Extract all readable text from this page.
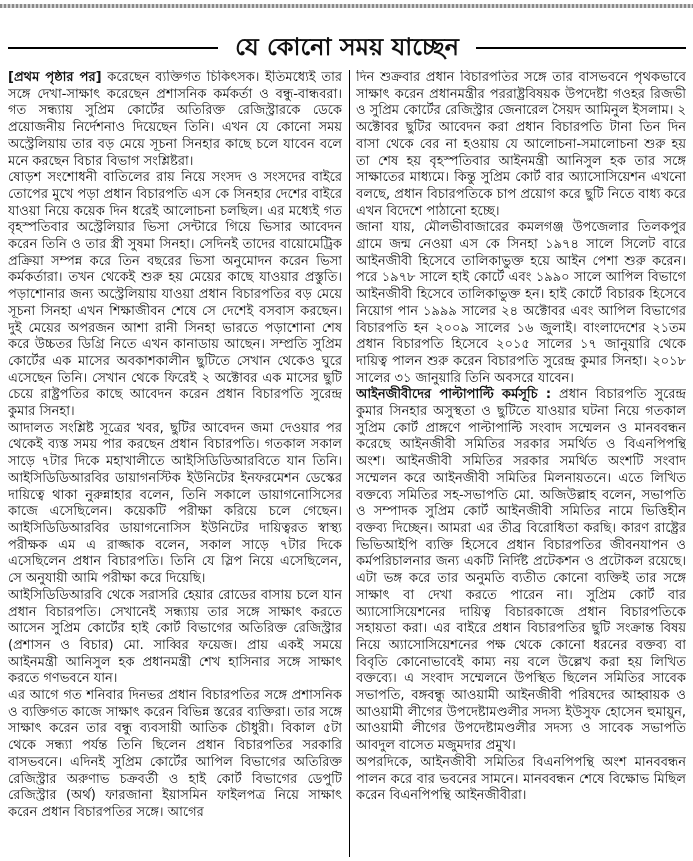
যে কোনো সময় যাচ্ছেন

[প্রথম পৃষ্ঠার পর] করেছেন ব্যক্তিগত চিকিৎসক। ইতিমধ্যেই তার সঙ্গে দেখা-সাক্ষাৎ করেছেন প্রশাসনিক কর্মকর্তা ও বন্ধু-বান্ধবরা। গত সন্ধ্যায় সুপ্রিম কোর্টের অতিরিক্ত রেজিস্ট্রারকে ডেকে প্রয়োজনীয় নির্দেশনাও দিয়েছেন তিনি। এখন যে কোনো সময় অস্ট্রেলিয়ায় তার বড় মেয়ে সূচনা সিনহার কাছে চলে যাবেন বলে মনে করছেন বিচার বিভাগ সংশ্লিষ্টরা।

ষোড়শ সংশোধনী বাতিলের রায় নিয়ে সংসদ ও সংসদের বাইরে তোপের মুখে পড়া প্রধান বিচারপতি এস কে সিনহার দেশের বাইরে যাওয়া নিয়ে কয়েক দিন ধরেই আলোচনা চলছিল। এর মধ্যেই গত বৃহস্পতিবার অস্ট্রেলিয়ার ভিসা সেন্টারে গিয়ে ভিসার আবেদন করেন তিনি ও তার স্ত্রী সুষমা সিনহা। সেদিনই তাদের বায়োমেট্রিক প্রক্রিয়া সম্পন্ন করে তিন বছরের ভিসা অনুমোদন করেন ভিসা কর্মকর্তারা। তখন থেকেই শুরু হয় মেয়ের কাছে যাওয়ার প্রস্তুতি। পড়াশোনার জন্য অস্ট্রেলিয়ায় যাওয়া প্রধান বিচারপতির বড় মেয়ে সূচনা সিনহা এখন শিক্ষাজীবন শেষে সে দেশেই বসবাস করছেন। দুই মেয়ের অপরজন আশা রানী সিনহা ভারতে পড়াশোনা শেষ করে উচ্চতর ডিগ্রি নিতে এখন কানাডায় আছেন। সম্প্রতি সুপ্রিম কোর্টের এক মাসের অবকাশকালীন ছুটিতে সেখান থেকেও ঘুরে এসেছেন তিনি। সেখান থেকে ফিরেই ২ অক্টোবর এক মাসের ছুটি চেয়ে রাষ্ট্রপতির কাছে আবেদন করেন প্রধান বিচারপতি সুরেন্দ্র কুমার সিনহা।

আদালত সংশ্লিষ্ট সূত্রের খবর, ছুটির আবেদন জমা দেওয়ার পর থেকেই ব্যস্ত সময় পার করছেন প্রধান বিচারপতি। গতকাল সকাল সাড়ে ৭টার দিকে মহাখালীতে আইসিডিডিআরবিতে যান তিনি। আইসিডিডিআরবির ডায়াগনস্টিক ইউনিটের ইনফরমেশন ডেস্কের দায়িত্বে থাকা নুরুন্নাহার বলেন, তিনি সকালে ডায়াগনোসিসের কাজে এসেছিলেন। কয়েকটি পরীক্ষা করিয়ে চলে গেছেন। আইসিডিডিআরবির ডায়াগনোসিস ইউনিটের দায়িত্বরত স্বাস্থ্য পরীক্ষক এম এ রাজ্জাক বলেন, সকাল সাড়ে ৭টার দিকে এসেছিলেন প্রধান বিচারপতি। তিনি যে স্লিপ নিয়ে এসেছিলেন, সে অনুযায়ী আমি পরীক্ষা করে দিয়েছি।

আইসিডিডিআরবি থেকে সরাসরি হেয়ার রোডের বাসায় চলে যান প্রধান বিচারপতি। সেখানেই সন্ধ্যায় তার সঙ্গে সাক্ষাৎ করতে আসেন সুপ্রিম কোর্টের হাই কোর্ট বিভাগের অতিরিক্ত রেজিস্ট্রার (প্রশাসন ও বিচার) মো. সাব্বির ফয়েজ। প্রায় একই সময়ে আইনমন্ত্রী আনিসুল হক প্রধানমন্ত্রী শেখ হাসিনার সঙ্গে সাক্ষাৎ করতে গণভবনে যান।

এর আগে গত শনিবার দিনভর প্রধান বিচারপতির সঙ্গে প্রশাসনিক ও ব্যক্তিগত কাজে সাক্ষাৎ করেন বিভিন্ন স্তরের ব্যক্তিরা। তার সঙ্গে সাক্ষাৎ করেন তার বন্ধু ব্যবসায়ী আতিক চৌধুরী। বিকাল ৫টা থেকে সন্ধ্যা পর্যন্ত তিনি ছিলেন প্রধান বিচারপতির সরকারি বাসভবনে। এদিনই সুপ্রিম কোর্টের আপিল বিভাগের অতিরিক্ত রেজিস্ট্রার অরুণাভ চক্রবর্তী ও হাই কোর্ট বিভাগের ডেপুটি রেজিস্ট্রার (অর্থ) ফারজানা ইয়াসমিন ফাইলপত্র নিয়ে সাক্ষাৎ করেন প্রধান বিচারপতির সঙ্গে। আগের

দিন শুক্রবার প্রধান বিচারপতির সঙ্গে তার বাসভবনে পৃথকভাবে সাক্ষাৎ করেন প্রধানমন্ত্রীর পররাষ্ট্রবিষয়ক উপদেষ্টা গওহর রিজভী ও সুপ্রিম কোর্টের রেজিস্ট্রার জেনারেল সৈয়দ আমিনুল ইসলাম। ২ অক্টোবর ছুটির আবেদন করা প্রধান বিচারপতি টানা তিন দিন বাসা থেকে বের না হওয়ায় যে আলোচনা-সমালোচনা শুরু হয় তা শেষ হয় বৃহস্পতিবার আইনমন্ত্রী আনিসুল হক তার সঙ্গে সাক্ষাতের মাধ্যমে। কিন্তু সুপ্রিম কোর্ট বার অ্যাসোসিয়েশন এখনো বলছে, প্রধান বিচারপতিকে চাপ প্রয়োগ করে ছুটি নিতে বাধ্য করে এখন বিদেশে পাঠানো হচ্ছে।

জানা যায়, মৌলভীবাজারের কমলগঞ্জ উপজেলার তিলকপুর গ্রামে জন্ম নেওয়া এস কে সিনহা ১৯৭৪ সালে সিলেট বারে আইনজীবী হিসেবে তালিকাভুক্ত হয়ে আইন পেশা শুরু করেন। পরে ১৯৭৮ সালে হাই কোর্টে এবং ১৯৯০ সালে আপিল বিভাগে আইনজীবী হিসেবে তালিকাভুক্ত হন। হাই কোর্টে বিচারক হিসেবে নিয়োগ পান ১৯৯৯ সালের ২৪ অক্টোবর এবং আপিল বিভাগের বিচারপতি হন ২০০৯ সালের ১৬ জুলাই। বাংলাদেশের ২১তম প্রধান বিচারপতি হিসেবে ২০১৫ সালের ১৭ জানুয়ারি থেকে দায়িত্ব পালন শুরু করেন বিচারপতি সুরেন্দ্র কুমার সিনহা। ২০১৮ সালের ৩১ জানুয়ারি তিনি অবসরে যাবেন।

আইনজীবীদের পাল্টাপাল্টি কর্মসূচি : প্রধান বিচারপতি সুরেন্দ্র কুমার সিনহার অসুস্থতা ও ছুটিতে যাওয়ার ঘটনা নিয়ে গতকাল সুপ্রিম কোর্ট প্রাঙ্গণে পাল্টাপাল্টি সংবাদ সম্মেলন ও মানববন্ধন করেছে আইনজীবী সমিতির সরকার সমর্থিত ও বিএনপিপন্থি অংশ। আইনজীবী সমিতির সরকার সমর্থিত অংশটি সংবাদ সম্মেলন করে আইনজীবী সমিতির মিলনায়তনে। এতে লিখিত বক্তব্যে সমিতির সহ-সভাপতি মো. অজিউল্লাহ বলেন, সভাপতি ও সম্পাদক সুপ্রিম কোর্ট আইনজীবী সমিতির নামে ভিত্তিহীন বক্তব্য দিচ্ছেন। আমরা এর তীব্র বিরোধিতা করছি। কারণ রাষ্ট্রের ভিভিআইপি ব্যক্তি হিসেবে প্রধান বিচারপতির জীবনযাপন ও কর্মপরিচালনার জন্য একটি নির্দিষ্ট প্রটেকশন ও প্রটোকল রয়েছে। এটা ভঙ্গ করে তার অনুমতি ব্যতীত কোনো ব্যক্তিই তার সঙ্গে সাক্ষাৎ বা দেখা করতে পারেন না। সুপ্রিম কোর্ট বার অ্যাসোসিয়েশনের দায়িত্ব বিচারকাজে প্রধান বিচারপতিকে সহায়তা করা। এর বাইরে প্রধান বিচারপতির ছুটি সংক্রান্ত বিষয় নিয়ে অ্যাসোসিয়েশনের পক্ষ থেকে কোনো ধরনের বক্তব্য বা বিবৃতি কোনোভাবেই কাম্য নয় বলে উল্লেখ করা হয় লিখিত বক্তব্যে। এ সংবাদ সম্মেলনে উপস্থিত ছিলেন সমিতির সাবেক সভাপতি, বঙ্গবন্ধু আওয়ামী আইনজীবী পরিষদের আহ্বায়ক ও আওয়ামী লীগের উপদেষ্টামণ্ডলীর সদস্য ইউসুফ হোসেন হুমায়ুন, আওয়ামী লীগের উপদেষ্টামণ্ডলীর সদস্য ও সাবেক সভাপতি আবদুল বাসেত মজুমদার প্রমুখ।

অপরদিকে, আইনজীবী সমিতির বিএনপিপন্থি অংশ মানববন্ধন পালন করে বার ভবনের সামনে। মানববন্ধন শেষে বিক্ষোভ মিছিল করেন বিএনপিপন্থি আইনজীবীরা।
